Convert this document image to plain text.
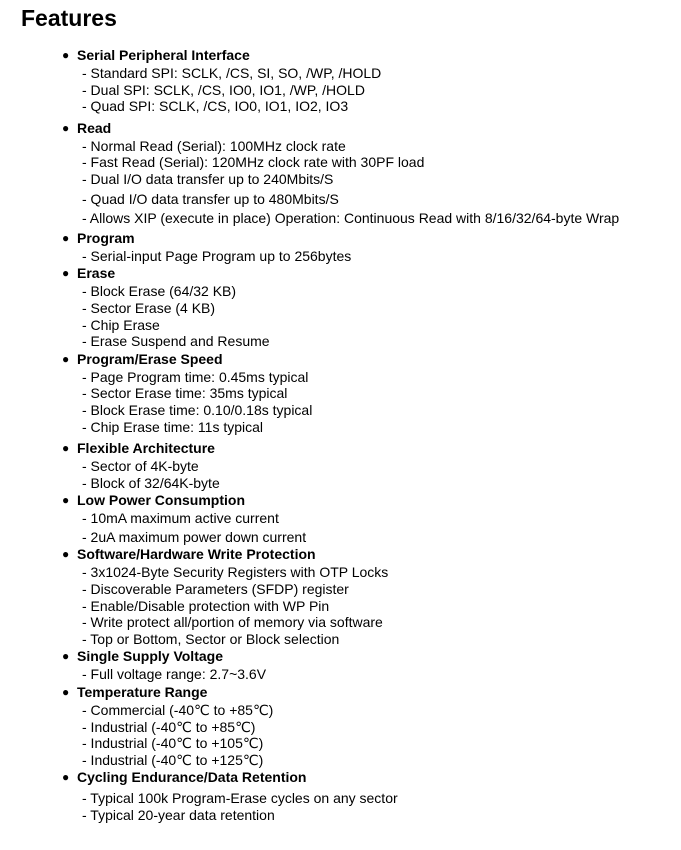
Features
● Serial Peripheral Interface
- Standard SPI: SCLK, /CS, SI, SO, /WP, /HOLD
- Dual SPI: SCLK, /CS, IO0, IO1, /WP, /HOLD
- Quad SPI: SCLK, /CS, IO0, IO1, IO2, IO3
● Read
- Normal Read (Serial): 100MHz clock rate
- Fast Read (Serial): 120MHz clock rate with 30PF load
- Dual I/O data transfer up to 240Mbits/S
- Quad I/O data transfer up to 480Mbits/S
- Allows XIP (execute in place) Operation: Continuous Read with 8/16/32/64-byte Wrap
● Program
- Serial-input Page Program up to 256bytes
● Erase
- Block Erase (64/32 KB)
- Sector Erase (4 KB)
- Chip Erase
- Erase Suspend and Resume
● Program/Erase Speed
- Page Program time: 0.45ms typical
- Sector Erase time: 35ms typical
- Block Erase time: 0.10/0.18s typical
- Chip Erase time: 11s typical
● Flexible Architecture
- Sector of 4K-byte
- Block of 32/64K-byte
● Low Power Consumption
- 10mA maximum active current
- 2uA maximum power down current
● Software/Hardware Write Protection
- 3x1024-Byte Security Registers with OTP Locks
- Discoverable Parameters (SFDP) register
- Enable/Disable protection with WP Pin
- Write protect all/portion of memory via software
- Top or Bottom, Sector or Block selection
● Single Supply Voltage
- Full voltage range: 2.7~3.6V
● Temperature Range
- Commercial (-40℃ to +85℃)
- Industrial (-40℃ to +85℃)
- Industrial (-40℃ to +105℃)
- Industrial (-40℃ to +125℃)
● Cycling Endurance/Data Retention
- Typical 100k Program-Erase cycles on any sector
- Typical 20-year data retention
